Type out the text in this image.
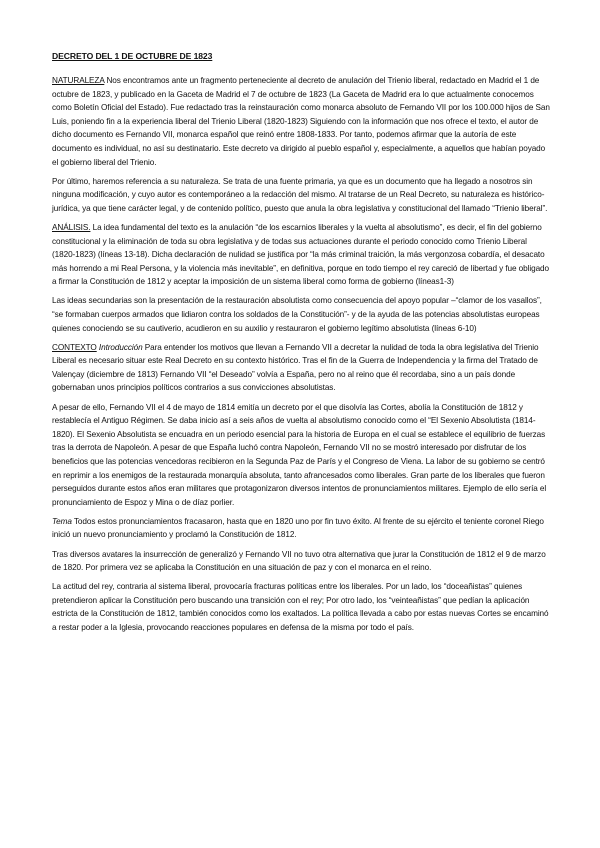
DECRETO DEL 1 DE OCTUBRE DE 1823

NATURALEZA Nos encontramos ante un fragmento perteneciente al decreto de anulación del Trienio liberal, redactado en Madrid el 1 de octubre de 1823, y publicado en la Gaceta de Madrid el 7 de octubre de 1823 (La Gaceta de Madrid era lo que actualmente conocemos como Boletín Oficial del Estado). Fue redactado tras la reinstauración como monarca absoluto de Fernando VII por los 100.000 hijos de San Luis, poniendo fin a la experiencia liberal del Trienio Liberal (1820-1823) Siguiendo con la información que nos ofrece el texto, el autor de dicho documento es Fernando VII, monarca español que reinó entre 1808-1833. Por tanto, podemos afirmar que la autoría de este documento es individual, no así su destinatario. Este decreto va dirigido al pueblo español y, especialmente, a aquellos que habían poyado el gobierno liberal del Trienio.

Por último, haremos referencia a su naturaleza. Se trata de una fuente primaria, ya que es un documento que ha llegado a nosotros sin ninguna modificación, y cuyo autor es contemporáneo a la redacción del mismo. Al tratarse de un Real Decreto, su naturaleza es histórico-jurídica, ya que tiene carácter legal, y de contenido político, puesto que anula la obra legislativa y constitucional del llamado “Trienio liberal”.

ANÁLISIS. La idea fundamental del texto es la anulación “de los escarnios liberales y la vuelta al absolutismo”, es decir, el fin del gobierno constitucional y la eliminación de toda su obra legislativa y de todas sus actuaciones durante el periodo conocido como Trienio Liberal (1820-1823) (líneas 13-18). Dicha declaración de nulidad se justifica por “la más criminal traición, la más vergonzosa cobardía, el desacato más horrendo a mi Real Persona, y la violencia más inevitable”, en definitiva, porque en todo tiempo el rey careció de libertad y fue obligado a firmar la Constitución de 1812 y aceptar la imposición de un sistema liberal como forma de gobierno (líneas1-3)

Las ideas secundarias son la presentación de la restauración absolutista como consecuencia del apoyo popular –“clamor de los vasallos”, “se formaban cuerpos armados que lidiaron contra los soldados de la Constitución”- y de la ayuda de las potencias absolutistas europeas quienes conociendo se su cautiverio, acudieron en su auxilio y restauraron el gobierno legítimo absolutista (líneas 6-10)

CONTEXTO Introducción Para entender los motivos que llevan a Fernando VII a decretar la nulidad de toda la obra legislativa del Trienio Liberal es necesario situar este Real Decreto en su contexto histórico. Tras el fin de la Guerra de Independencia y la firma del Tratado de Valençay (diciembre de 1813) Fernando VII “el Deseado” volvía a España, pero no al reino que él recordaba, sino a un país donde gobernaban unos principios políticos contrarios a sus convicciones absolutistas.

A pesar de ello, Fernando VII el 4 de mayo de 1814 emitía un decreto por el que disolvía las Cortes, abolía la Constitución de 1812 y restablecía el Antiguo Régimen. Se daba inicio así a seis años de vuelta al absolutismo conocido como el “El Sexenio Absolutista (1814-1820). El Sexenio Absolutista se encuadra en un periodo esencial para la historia de Europa en el cual se establece el equilibrio de fuerzas tras la derrota de Napoleón. A pesar de que España luchó contra Napoleón, Fernando VII no se mostró interesado por disfrutar de los beneficios que las potencias vencedoras recibieron en la Segunda Paz de París y el Congreso de Viena. La labor de su gobierno se centró en reprimir a los enemigos de la restaurada monarquía absoluta, tanto afrancesados como liberales. Gran parte de los liberales que fueron perseguidos durante estos años eran militares que protagonizaron diversos intentos de pronunciamientos militares. Ejemplo de ello sería el pronunciamiento de Espoz y Mina o de díaz porlier.

Tema Todos estos pronunciamientos fracasaron, hasta que en 1820 uno por fin tuvo éxito. Al frente de su ejército el teniente coronel Riego inició un nuevo pronunciamiento y proclamó la Constitución de 1812.

Tras diversos avatares la insurrección de generalizó y Fernando VII no tuvo otra alternativa que jurar la Constitución de 1812 el 9 de marzo de 1820. Por primera vez se aplicaba la Constitución en una situación de paz y con el monarca en el reino.

La actitud del rey, contraria al sistema liberal, provocaría fracturas políticas entre los liberales. Por un lado, los “doceañistas” quienes pretendieron aplicar la Constitución pero buscando una transición con el rey; Por otro lado, los “veinteañistas” que pedían la aplicación estricta de la Constitución de 1812, también conocidos como los exaltados. La política llevada a cabo por estas nuevas Cortes se encaminó a restar poder a la Iglesia, provocando reacciones populares en defensa de la misma por todo el país.
